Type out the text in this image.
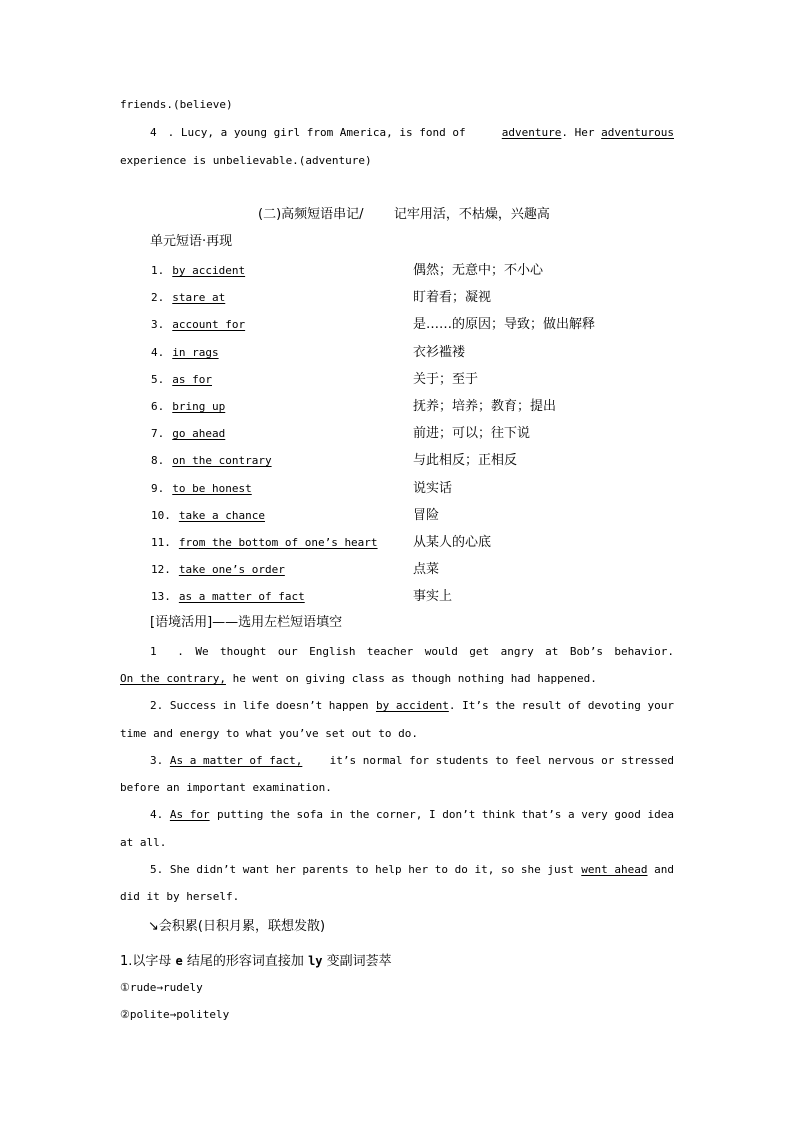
friends.(believe)
4　. Lucy, a young girl from America, is fond of	adventure. Her adventurous
experience is unbelievable.(adventure)
(二)高频短语串记/ 记牢用活，不枯燥，兴趣高
单元短语·再现
1. by accident	偶然；无意中；不小心
2. stare at	盯着看；凝视
3. account for	是……的原因；导致；做出解释
4. in rags	衣衫褴褛
5. as for	关于；至于
6. bring up	抚养；培养；教育；提出
7. go ahead	前进；可以；往下说
8. on the contrary	与此相反；正相反
9. to be honest	说实话
10. take a chance	冒险
11. from the bottom of one’s heart	从某人的心底
12. take one’s order	点菜
13. as a matter of fact	事实上
[语境活用]——选用左栏短语填空
1　. We thought our English teacher would get angry at Bob’s behavior.
On the contrary, he went on giving class as though nothing had happened.
2. Success in life doesn’t happen by accident. It’s the result of devoting your
time and energy to what you’ve set out to do.
3. As a matter of fact, it’s normal for students to feel nervous or stressed
before an important examination.
4. As for putting the sofa in the corner, I don’t think that’s a very good idea
at all.
5. She didn’t want her parents to help her to do it, so she just went ahead and
did it by herself.
↘会积累(日积月累，联想发散)
1.以字母 e 结尾的形容词直接加 ly 变副词荟萃
①rude→rudely
②polite→politely
